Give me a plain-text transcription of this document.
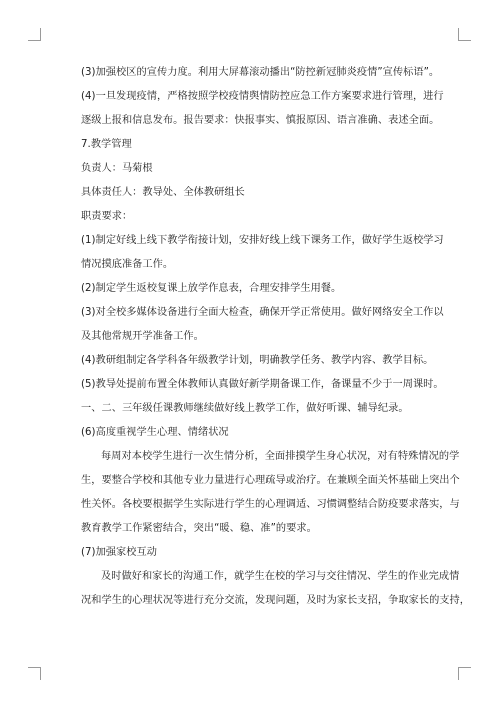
(3)加强校区的宣传力度。利用大屏幕滚动播出“防控新冠肺炎疫情”宣传标语”。

(4)一旦发现疫情，严格按照学校疫情舆情防控应急工作方案要求进行管理，进行

逐级上报和信息发布。报告要求：快报事实、慎报原因、语言准确、表述全面。

7.教学管理

负责人：马菊根

具体责任人：教导处、全体教研组长

职责要求：

(1)制定好线上线下教学衔接计划，安排好线上线下课务工作，做好学生返校学习

情况摸底准备工作。

(2)制定学生返校复课上放学作息表，合理安排学生用餐。

(3)对全校多媒体设备进行全面大检查，确保开学正常使用。做好网络安全工作以

及其他常规开学准备工作。

(4)教研组制定各学科各年级教学计划，明确教学任务、教学内容、教学目标。

(5)教导处提前布置全体教师认真做好新学期备课工作，备课量不少于一周课时。

一、二、三年级任课教师继续做好线上教学工作，做好听课、辅导纪录。

(6)高度重视学生心理、情绪状况

每周对本校学生进行一次生情分析，全面排摸学生身心状况，对有特殊情况的学

生，要整合学校和其他专业力量进行心理疏导或治疗。在兼顾全面关怀基础上突出个

性关怀。各校要根据学生实际进行学生的心理调适、习惯调整结合防疫要求落实，与

教育教学工作紧密结合，突出“暖、稳、准”的要求。

(7)加强家校互动

及时做好和家长的沟通工作，就学生在校的学习与交往情况、学生的作业完成情

况和学生的心理状况等进行充分交流，发现问题，及时为家长支招，争取家长的支持，
